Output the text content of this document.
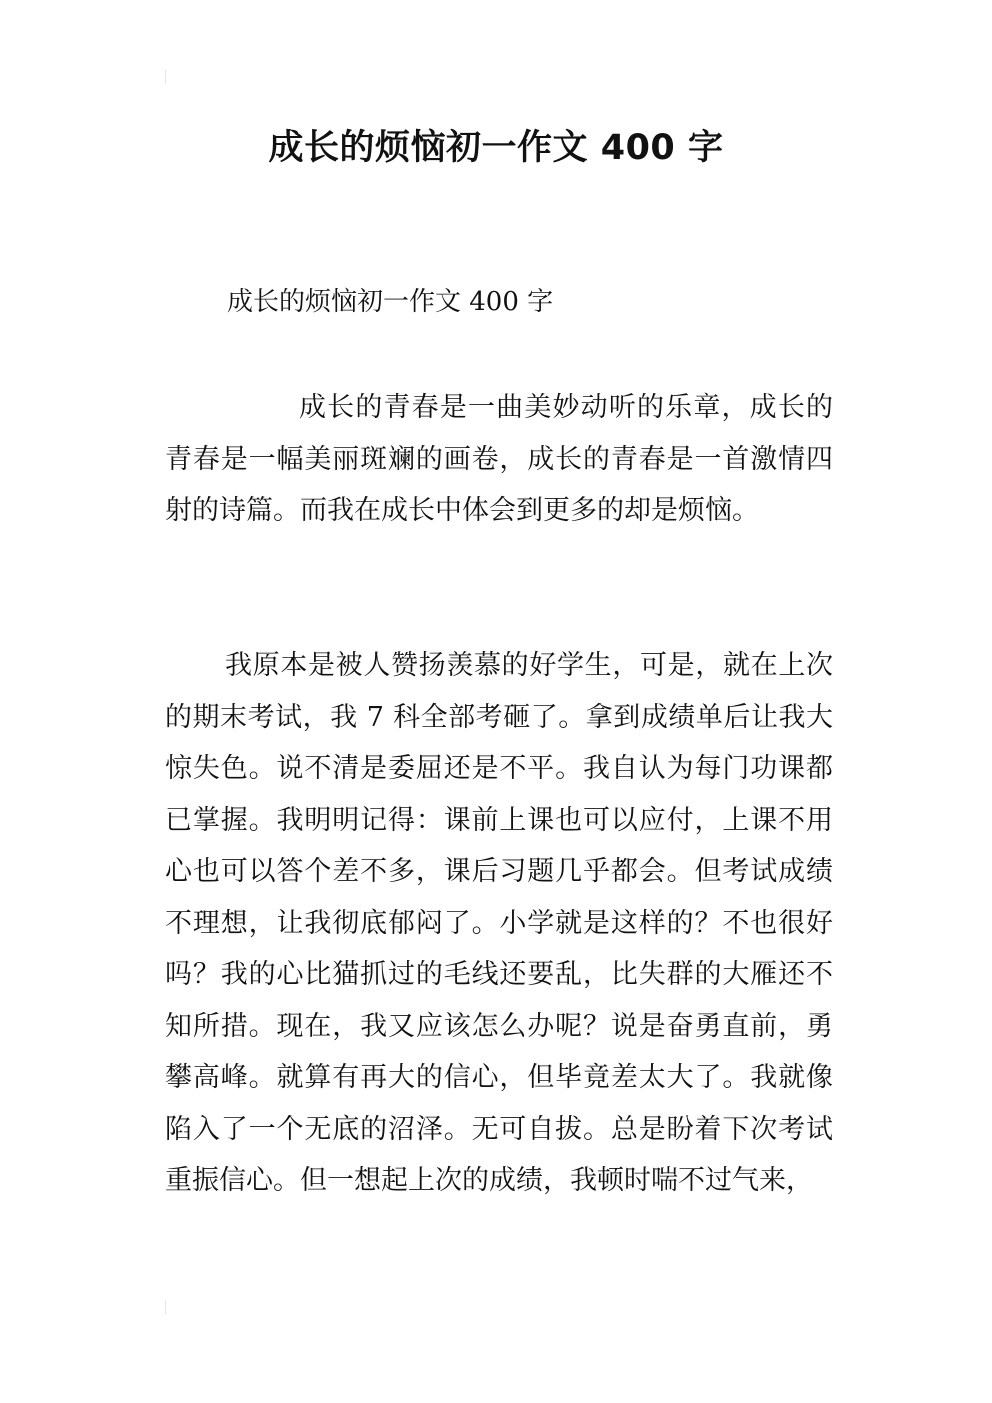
成长的烦恼初一作文 400 字
成长的烦恼初一作文 400 字

成长的青春是一曲美妙动听的乐章，成长的青春是一幅美丽斑斓的画卷，成长的青春是一首激情四射的诗篇。而我在成长中体会到更多的却是烦恼。

我原本是被人赞扬羡慕的好学生，可是，就在上次的期末考试，我 7 科全部考砸了。拿到成绩单后让我大惊失色。说不清是委屈还是不平。我自认为每门功课都已掌握。我明明记得：课前上课也可以应付，上课不用心也可以答个差不多，课后习题几乎都会。但考试成绩不理想，让我彻底郁闷了。小学就是这样的？不也很好吗？我的心比猫抓过的毛线还要乱，比失群的大雁还不知所措。现在，我又应该怎么办呢？说是奋勇直前，勇攀高峰。就算有再大的信心，但毕竟差太大了。我就像陷入了一个无底的沼泽。无可自拔。总是盼着下次考试重振信心。但一想起上次的成绩，我顿时喘不过气来，
